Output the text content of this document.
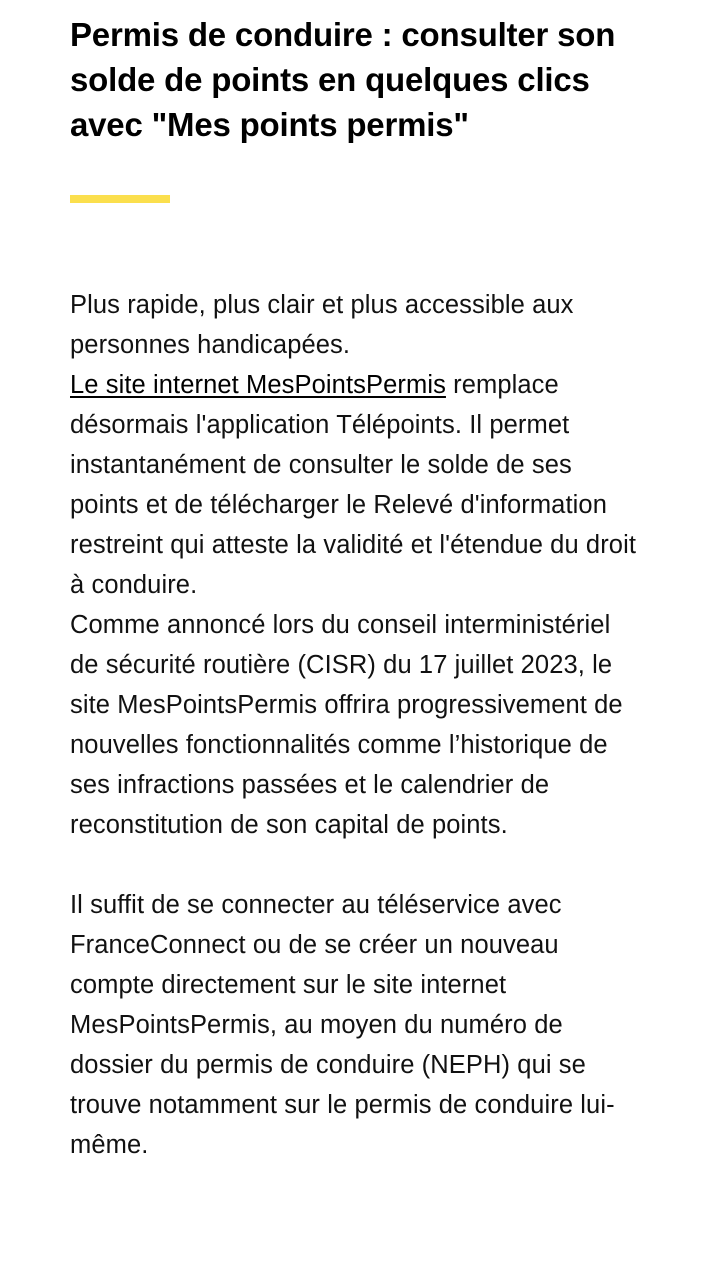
Permis de conduire : consulter son solde de points en quelques clics avec "Mes points permis"

Plus rapide, plus clair et plus accessible aux personnes handicapées.
Le site internet MesPointsPermis remplace désormais l'application Télépoints. Il permet instantanément de consulter le solde de ses points et de télécharger le Relevé d'information restreint qui atteste la validité et l'étendue du droit à conduire.
Comme annoncé lors du conseil interministériel de sécurité routière (CISR) du 17 juillet 2023, le site MesPointsPermis offrira progressivement de nouvelles fonctionnalités comme l’historique de ses infractions passées et le calendrier de reconstitution de son capital de points.

Il suffit de se connecter au téléservice avec FranceConnect ou de se créer un nouveau compte directement sur le site internet MesPointsPermis, au moyen du numéro de dossier du permis de conduire (NEPH) qui se trouve notamment sur le permis de conduire lui-même.
